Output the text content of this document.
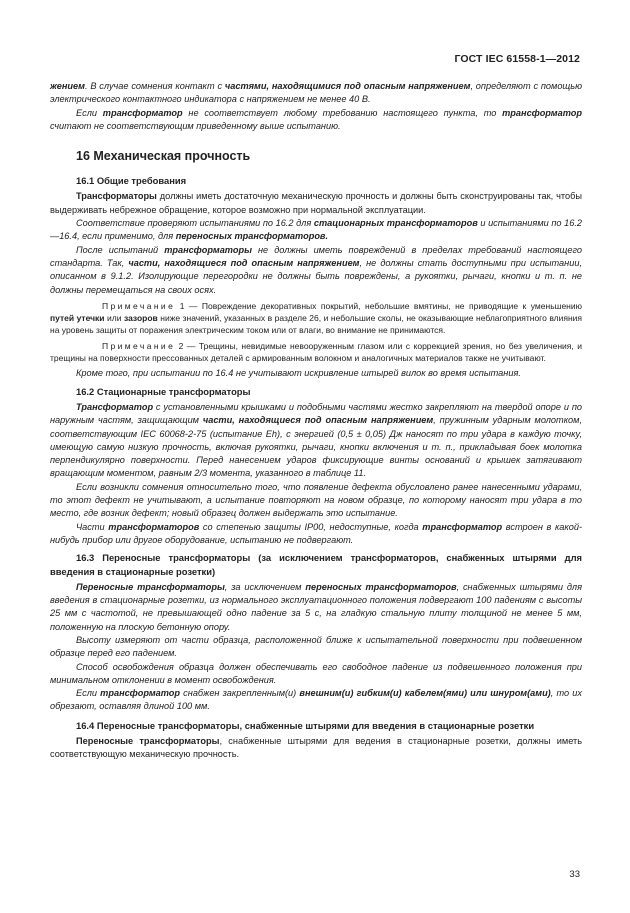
ГОСТ IEC 61558-1—2012

жением. В случае сомнения контакт с частями, находящимися под опасным напряжением, определяют с помощью электрического контактного индикатора с напряжением не менее 40 В.

Если трансформатор не соответствует любому требованию настоящего пункта, то трансформатор считают не соответствующим приведенному выше испытанию.

16 Механическая прочность
16.1 Общие требования

Трансформаторы должны иметь достаточную механическую прочность и должны быть сконструированы так, чтобы выдерживать небрежное обращение, которое возможно при нормальной эксплуатации.

Соответствие проверяют испытаниями по 16.2 для стационарных трансформаторов и испытаниями по 16.2—16.4, если применимо, для переносных трансформаторов.

После испытаний трансформаторы не должны иметь повреждений в пределах требований настоящего стандарта. Так, части, находящиеся под опасным напряжением, не должны стать доступными при испытании, описанном в 9.1.2. Изолирующие перегородки не должны быть повреждены, а рукоятки, рычаги, кнопки и т. п. не должны перемещаться на своих осях.

Примечание 1 — Повреждение декоративных покрытий, небольшие вмятины, не приводящие к уменьшению путей утечки или зазоров ниже значений, указанных в разделе 26, и небольшие сколы, не оказывающие неблагоприятного влияния на уровень защиты от поражения электрическим током или от влаги, во внимание не принимаются.

Примечание 2 — Трещины, невидимые невооруженным глазом или с коррекцией зрения, но без увеличения, и трещины на поверхности прессованных деталей с армированным волокном и аналогичных материалов также не учитывают.

Кроме того, при испытании по 16.4 не учитывают искривление штырей вилок во время испытания.

16.2 Стационарные трансформаторы

Трансформатор с установленными крышками и подобными частями жестко закрепляют на твердой опоре и по наружным частям, защищающим части, находящиеся под опасным напряжением, пружинным ударным молотком, соответствующим IEC 60068-2-75 (испытание Eh), с энергией (0,5 ± 0,05) Дж наносят по три удара в каждую точку, имеющую самую низкую прочность, включая рукоятки, рычаги, кнопки включения и т. п., прикладывая боек молотка перпендикулярно поверхности. Перед нанесением ударов фиксирующие винты оснований и крышек затягивают вращающим моментом, равным 2/3 момента, указанного в таблице 11.

Если возникли сомнения относительно того, что появление дефекта обусловлено ранее нанесенными ударами, то этот дефект не учитывают, а испытание повторяют на новом образце, по которому наносят три удара в то место, где возник дефект; новый образец должен выдержать это испытание.

Части трансформаторов со степенью защиты IP00, недоступные, когда трансформатор встроен в какой-нибудь прибор или другое оборудование, испытанию не подвергают.

16.3 Переносные трансформаторы (за исключением трансформаторов, снабженных штырями для введения в стационарные розетки)

Переносные трансформаторы, за исключением переносных трансформаторов, снабженных штырями для введения в стационарные розетки, из нормального эксплуатационного положения подвергают 100 падениям с высоты 25 мм с частотой, не превышающей одно падение за 5 с, на гладкую стальную плиту толщиной не менее 5 мм, положенную на плоскую бетонную опору.

Высоту измеряют от части образца, расположенной ближе к испытательной поверхности при подвешенном образце перед его падением.

Способ освобождения образца должен обеспечивать его свободное падение из подвешенного положения при минимальном отклонении в момент освобождения.

Если трансформатор снабжен закрепленным(и) внешним(и) гибким(и) кабелем(ями) или шнуром(ами), то их обрезают, оставляя длиной 100 мм.

16.4 Переносные трансформаторы, снабженные штырями для введения в стационарные розетки

Переносные трансформаторы, снабженные штырями для ведения в стационарные розетки, должны иметь соответствующую механическую прочность.

33
